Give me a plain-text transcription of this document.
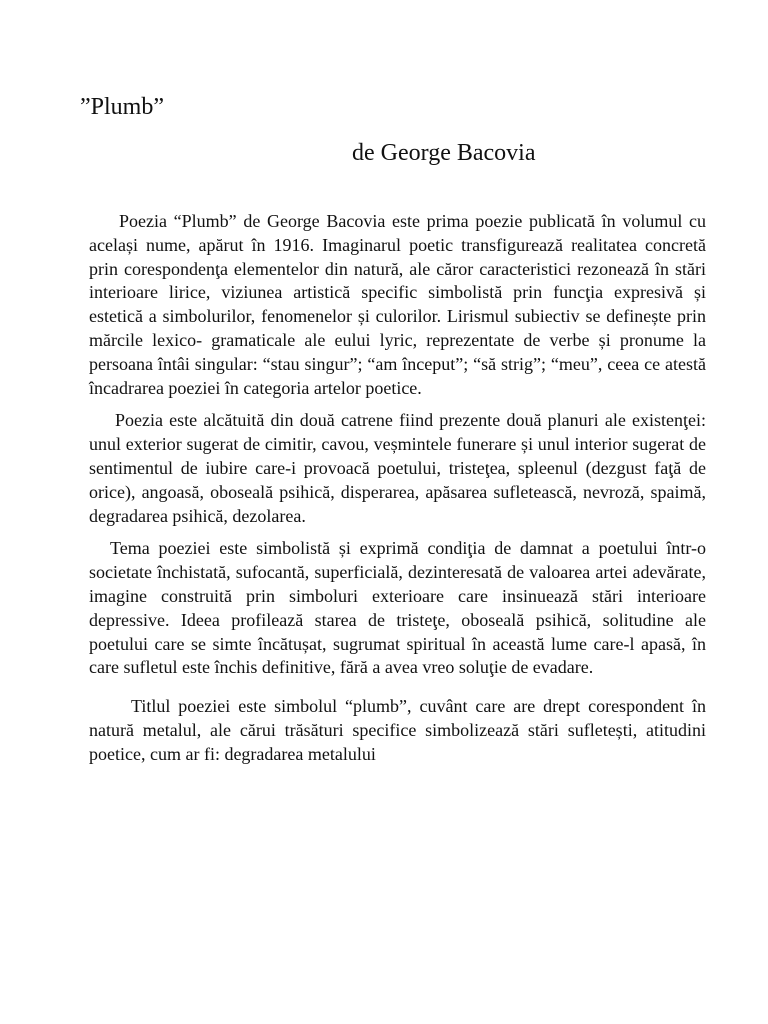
”Plumb”
de George Bacovia

Poezia “Plumb” de George Bacovia este prima poezie publicată în volumul cu același nume, apărut în 1916. Imaginarul poetic transfigurează realitatea concretă prin corespondenţa elementelor din natură, ale căror caracteristici rezonează în stări interioare lirice, viziunea artistică specific simbolistă prin funcţia expresivă și estetică a simbolurilor, fenomenelor și culorilor. Lirismul subiectiv se definește prin mărcile lexico- gramaticale ale eului lyric, reprezentate de verbe și pronume la persoana întâi singular: “stau singur”; “am început”; “să strig”; “meu”, ceea ce atestă încadrarea poeziei în categoria artelor poetice.

Poezia este alcătuită din două catrene fiind prezente două planuri ale existenţei: unul exterior sugerat de cimitir, cavou, veșmintele funerare și unul interior sugerat de sentimentul de iubire care-i provoacă poetului, tristeţea, spleenul (dezgust faţă de orice), angoasă, oboseală psihică, disperarea, apăsarea sufletească, nevroză, spaimă, degradarea psihică, dezolarea.

Tema poeziei este simbolistă și exprimă condiţia de damnat a poetului într-o societate închistată, sufocantă, superficială, dezinteresată de valoarea artei adevărate, imagine construită prin simboluri exterioare care insinuează stări interioare depressive. Ideea profilează starea de tristeţe, oboseală psihică, solitudine ale poetului care se simte încătușat, sugrumat spiritual în această lume care-l apasă, în care sufletul este închis definitive, fără a avea vreo soluţie de evadare.

Titlul poeziei este simbolul “plumb”, cuvânt care are drept corespondent în natură metalul, ale cărui trăsături specifice simbolizează stări sufletești, atitudini poetice, cum ar fi: degradarea metalului
